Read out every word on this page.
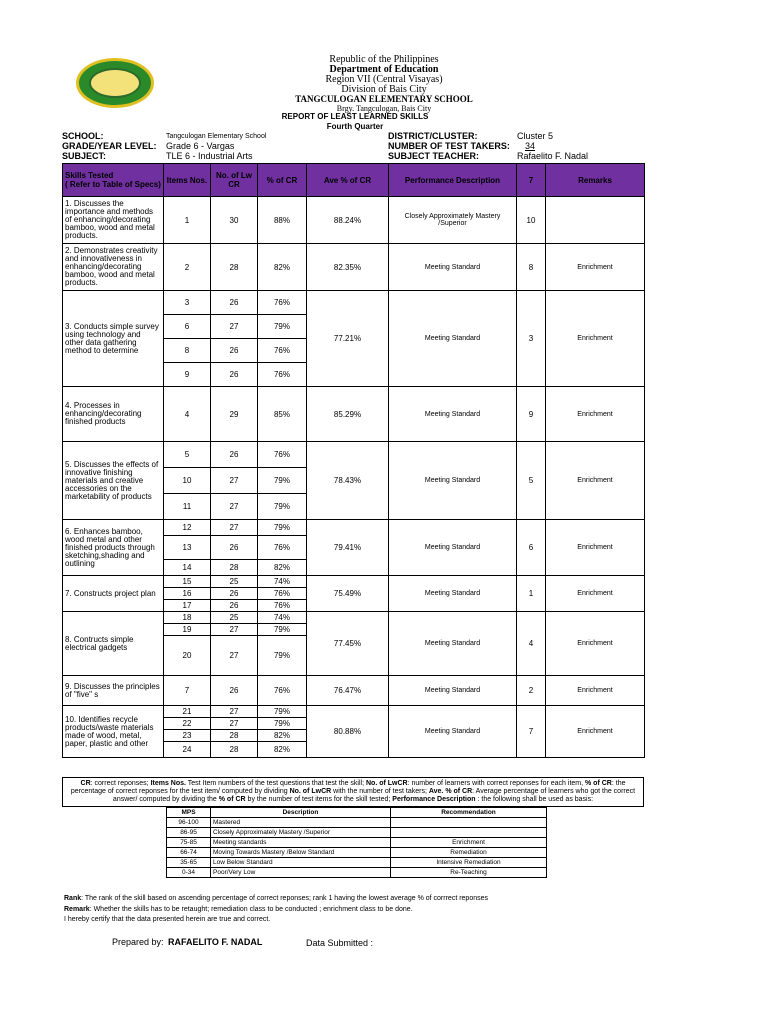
Republic of the Philippines
Department of Education
Region VII (Central Visayas)
Division of Bais City
TANGCULOGAN ELEMENTARY SCHOOL
Brgy. Tangculogan, Bais City
REPORT OF LEAST LEARNED SKILLS
Fourth Quarter
SCHOOL:	Tangculogan Elementary School
GRADE/YEAR LEVEL: Grade 6 - Vargas
SUBJECT:	TLE 6 - Industrial Arts
DISTRICT/CLUSTER:	Cluster 5
NUMBER OF TEST TAKERS: 34
SUBJECT TEACHER:	Rafaelito F. Nadal
Skills Tested
( Refer to Table of Specs)	Items Nos.	No. of Lw CR	% of CR	Ave % of CR	Performance Description	7	Remarks
1. Discusses the importance and methods of enhancing/decorating bamboo, wood and metal products.	1	30	88%	88.24%	Closely Approximately Mastery /Superior	10	
2. Demonstrates creativity and innovativeness in enhancing/decorating bamboo, wood and metal products.	2	28	82%	82.35%	Meeting Standard	8	Enrichment
3. Conducts simple survey using technology and other data gathering method to determine	3	26	76%	77.21%	Meeting Standard	3	Enrichment
	6	27	79%				
	8	26	76%				
	9	26	76%				
4. Processes in enhancing/decorating finished products	4	29	85%	85.29%	Meeting Standard	9	Enrichment
5. Discusses the effects of innovative finishing materials and creative accessories on the marketability of products	5	26	76%	78.43%	Meeting Standard	5	Enrichment
	10	27	79%				
	11	27	79%				
6. Enhances bamboo, wood metal and other finished products through sketching,shading and outlining	12	27	79%	79.41%	Meeting Standard	6	Enrichment
	13	26	76%				
	14	28	82%				
7. Constructs project plan	15	25	74%	75.49%	Meeting Standard	1	Enrichment
	16	26	76%				
	17	26	76%				
8. Contructs simple electrical gadgets	18	25	74%	77.45%	Meeting Standard	4	Enrichment
	19	27	79%				
	20	27	79%				
9. Discusses the principles of "five" s	7	26	76%	76.47%	Meeting Standard	2	Enrichment
10. Identifies recycle products/waste materials made of wood, metal, paper, plastic and other	21	27	79%	80.88%	Meeting Standard	7	Enrichment
	22	27	79%				
	23	28	82%				
	24	28	82%				
CR: correct reponses; Items Nos. Test Item numbers of the test questions that test the skill; No. of LwCR: number of learners with correct reponses for each item, % of CR: the percentage of correct reponses for the test item/ computed by dividing No. of LwCR with the number of test takers; Ave. % of CR: Average percentage of learners who got the correct answer/ computed by dividing the % of CR by the number of test items for the skill tested; Performance Description : the following shall be used as basis:
MPS	Description	Recommendation
96-100	Mastered	
86-95	Closely Approximately Mastery /Superior	
75-85	Meeting standards	Enrichment
66-74	Moving Towards Mastery /Below Standard	Remediation
35-65	Low Below Standard	Intensive Remediation
0-34	Poor/Very Low	Re-Teaching
Rank: The rank of the skill based on ascending percentage of correct reponses; rank 1 having the lowest average % of corrrect reponses
Remark: Whether the skills has to be retaught; remediation class to be conducted ; enrichment class to be done.
I hereby certify that the data presented herein are true and correct.
Prepared by: RAFAELITO F. NADAL	Data Submitted :
